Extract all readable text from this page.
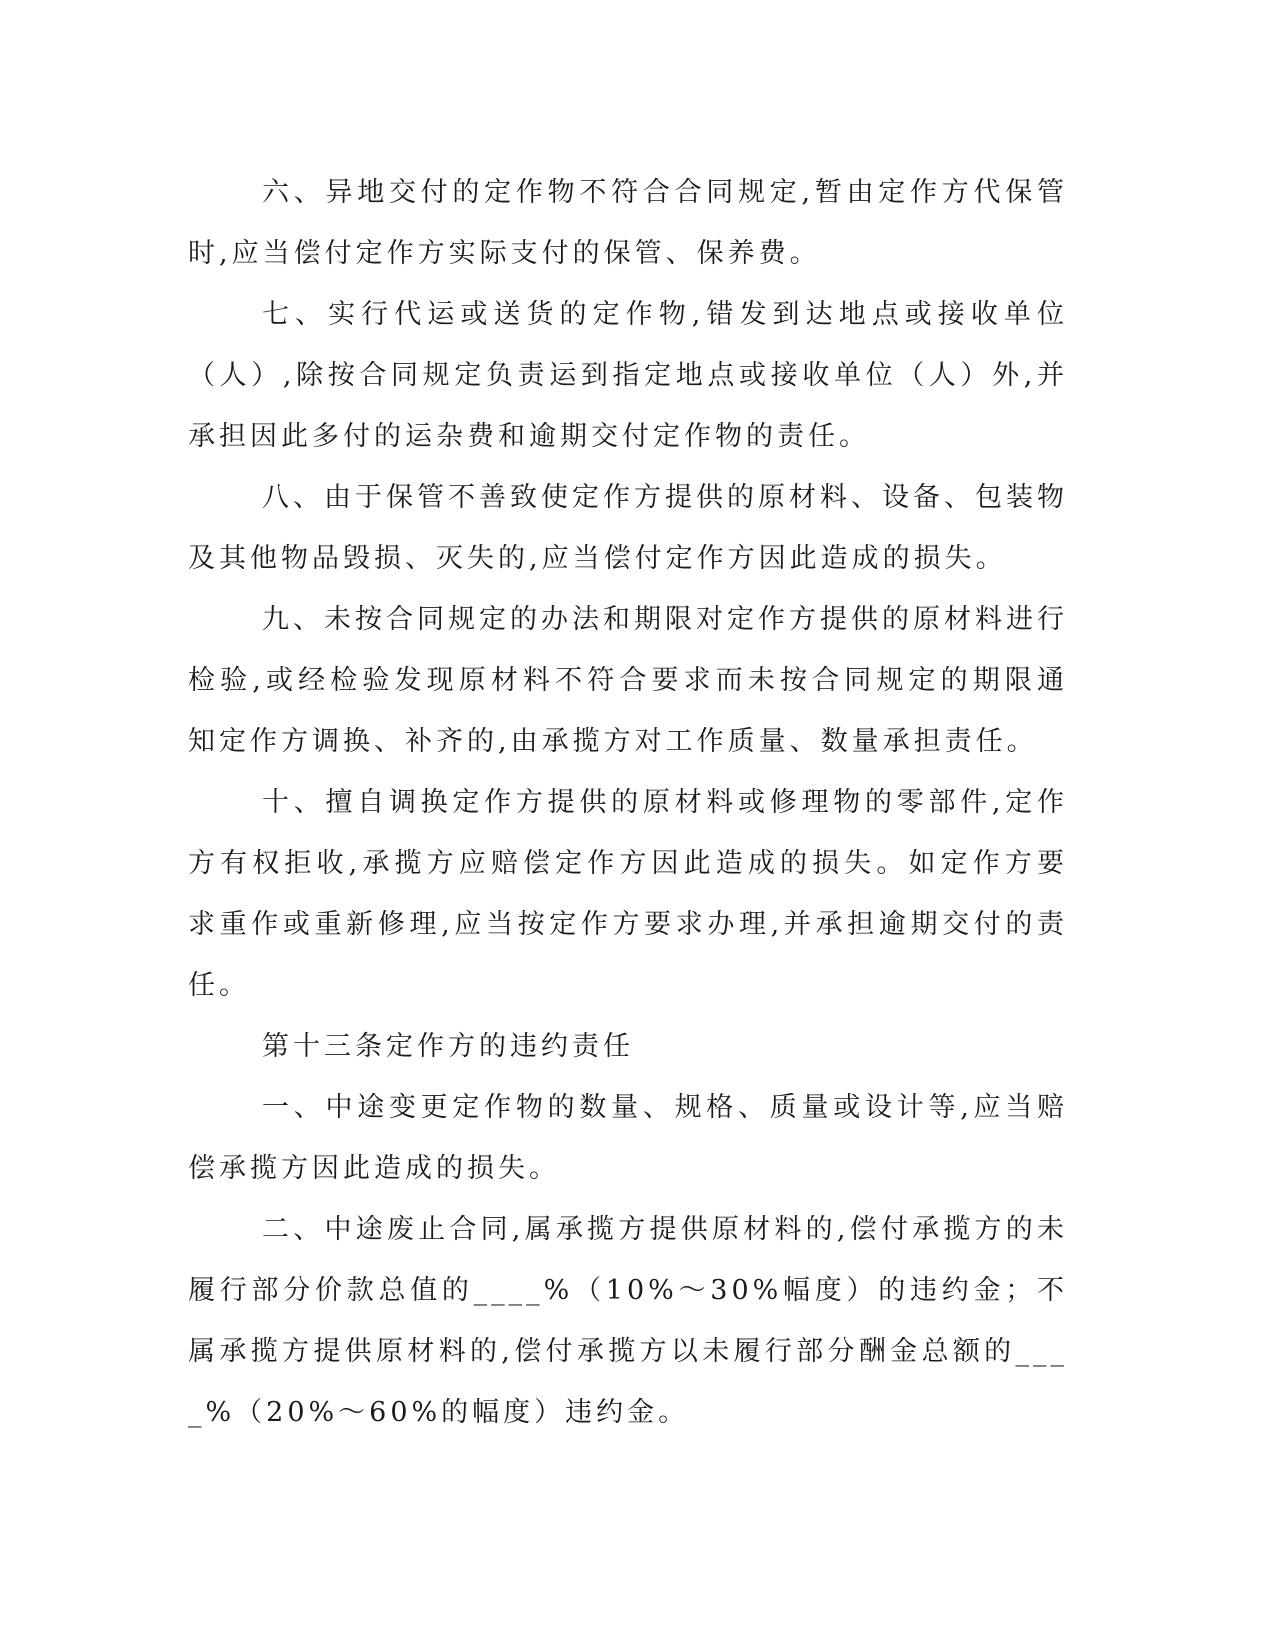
六、异地交付的定作物不符合合同规定,暂由定作方代保管时,应当偿付定作方实际支付的保管、保养费。

七、实行代运或送货的定作物,错发到达地点或接收单位（人）,除按合同规定负责运到指定地点或接收单位（人）外,并承担因此多付的运杂费和逾期交付定作物的责任。

八、由于保管不善致使定作方提供的原材料、设备、包装物及其他物品毁损、灭失的,应当偿付定作方因此造成的损失。

九、未按合同规定的办法和期限对定作方提供的原材料进行检验,或经检验发现原材料不符合要求而未按合同规定的期限通知定作方调换、补齐的,由承揽方对工作质量、数量承担责任。

十、擅自调换定作方提供的原材料或修理物的零部件,定作方有权拒收,承揽方应赔偿定作方因此造成的损失。如定作方要求重作或重新修理,应当按定作方要求办理,并承担逾期交付的责任。

第十三条定作方的违约责任

一、中途变更定作物的数量、规格、质量或设计等,应当赔偿承揽方因此造成的损失。

二、中途废止合同,属承揽方提供原材料的,偿付承揽方的未履行部分价款总值的____%（10%～30%幅度）的违约金；不属承揽方提供原材料的,偿付承揽方以未履行部分酬金总额的____%（20%～60%的幅度）违约金。
